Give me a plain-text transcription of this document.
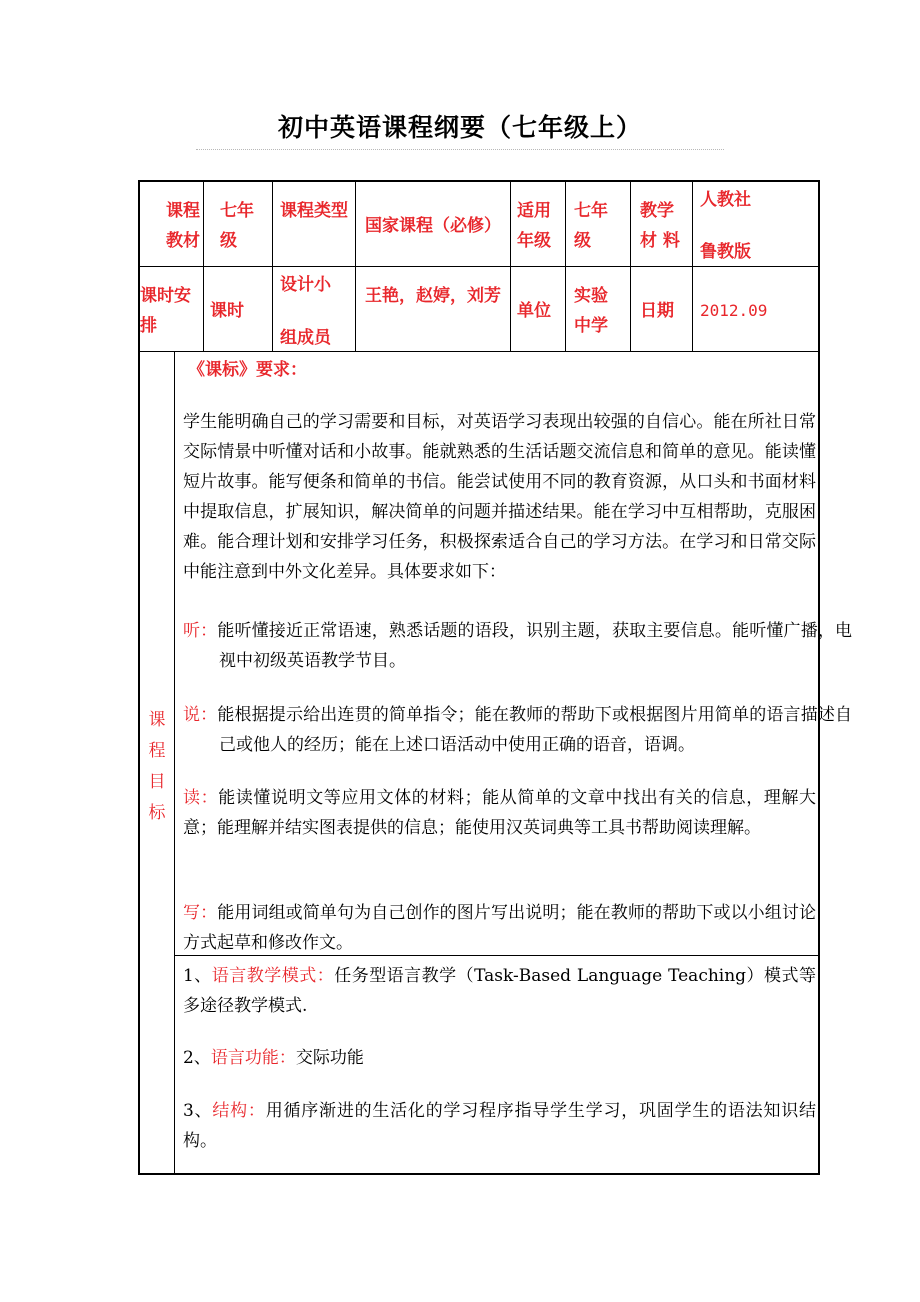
初中英语课程纲要（七年级上）
课程教材
七年级
课程类型
国家课程（必修）
适用年级
七年级
教学材 料
人教社
鲁教版
课时安排
课时
设计小
组成员
王艳，赵婷，刘芳
单位
实验中学
日期	2012.09
课
程
目
标
《课标》要求：
学生能明确自己的学习需要和目标，对英语学习表现出较强的自信心。能在所社日常交际情景中听懂对话和小故事。能就熟悉的生活话题交流信息和简单的意见。能读懂短片故事。能写便条和简单的书信。能尝试使用不同的教育资源，从口头和书面材料中提取信息，扩展知识，解决简单的问题并描述结果。能在学习中互相帮助，克服困难。能合理计划和安排学习任务，积极探索适合自己的学习方法。在学习和日常交际中能注意到中外文化差异。具体要求如下：
听：能听懂接近正常语速，熟悉话题的语段，识别主题，获取主要信息。能听懂广播，电视中初级英语教学节目。
说：能根据提示给出连贯的简单指令；能在教师的帮助下或根据图片用简单的语言描述自己或他人的经历；能在上述口语活动中使用正确的语音，语调。
读：能读懂说明文等应用文体的材料；能从简单的文章中找出有关的信息，理解大意；能理解并结实图表提供的信息；能使用汉英词典等工具书帮助阅读理解。
写：能用词组或简单句为自己创作的图片写出说明；能在教师的帮助下或以小组讨论方式起草和修改作文。
1、语言教学模式：任务型语言教学（Task-Based Language Teaching）模式等多途径教学模式.
2、语言功能：交际功能
3、结构：用循序渐进的生活化的学习程序指导学生学习，巩固学生的语法知识结构。
